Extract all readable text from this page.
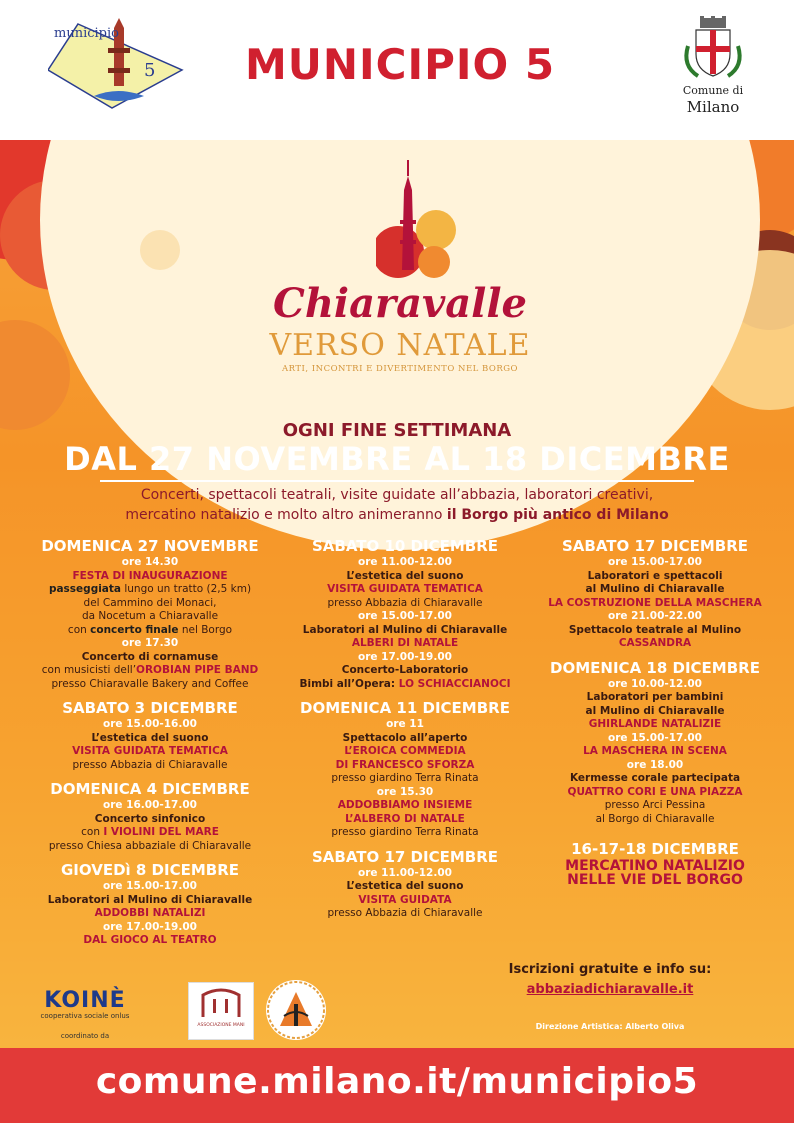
municipio
5	MUNICIPIO 5
Comune di
Milano
Chiaravalle
VERSO NATALE
ARTI, INCONTRI E DIVERTIMENTO NEL BORGO
OGNI FINE SETTIMANA
DAL 27 NOVEMBRE AL 18 DICEMBRE
Concerti, spettacoli teatrali, visite guidate all’abbazia, laboratori creativi,
mercatino natalizio e molto altro animeranno il Borgo più antico di Milano
DOMENICA 27 NOVEMBRE
ore 14.30
FESTA DI INAUGURAZIONE
passeggiata lungo un tratto (2,5 km)
del Cammino dei Monaci,
da Nocetum a Chiaravalle
con concerto finale nel Borgo
ore 17.30
Concerto di cornamuse
con musicisti dell’OROBIAN PIPE BAND
presso Chiaravalle Bakery and Coffee
SABATO 3 DICEMBRE
ore 15.00-16.00
L’estetica del suono
VISITA GUIDATA TEMATICA
presso Abbazia di Chiaravalle
DOMENICA 4 DICEMBRE
ore 16.00-17.00
Concerto sinfonico
con I VIOLINI DEL MARE
presso Chiesa abbaziale di Chiaravalle
GIOVEDì 8 DICEMBRE
ore 15.00-17.00
Laboratori al Mulino di Chiaravalle
ADDOBBI NATALIZI
ore 17.00-19.00
DAL GIOCO AL TEATRO
SABATO 10 DICEMBRE
ore 11.00-12.00
L’estetica del suono
VISITA GUIDATA TEMATICA
presso Abbazia di Chiaravalle
ore 15.00-17.00
Laboratori al Mulino di Chiaravalle
ALBERI DI NATALE
ore 17.00-19.00
Concerto-Laboratorio
Bimbi all’Opera: LO SCHIACCIANOCI
DOMENICA 11 DICEMBRE
ore 11
Spettacolo all’aperto
L’EROICA COMMEDIA
DI FRANCESCO SFORZA
presso giardino Terra Rinata
ore 15.30
ADDOBBIAMO INSIEME
L’ALBERO DI NATALE
presso giardino Terra Rinata
SABATO 17 DICEMBRE
ore 11.00-12.00
L’estetica del suono
VISITA GUIDATA
presso Abbazia di Chiaravalle
SABATO 17 DICEMBRE
ore 15.00-17.00
Laboratori e spettacoli
al Mulino di Chiaravalle
LA COSTRUZIONE DELLA MASCHERA
ore 21.00-22.00
Spettacolo teatrale al Mulino
CASSANDRA
DOMENICA 18 DICEMBRE
ore 10.00-12.00
Laboratori per bambini
al Mulino di Chiaravalle
GHIRLANDE NATALIZIE
ore 15.00-17.00
LA MASCHERA IN SCENA
ore 18.00
Kermesse corale partecipata
QUATTRO CORI E UNA PIAZZA
presso Arci Pessina
al Borgo di Chiaravalle
16-17-18 DICEMBRE
MERCATINO NATALIZIO
NELLE VIE DEL BORGO
Iscrizioni gratuite e info su:
abbaziadichiaravalle.it
Direzione Artistica: Alberto Oliva
KOINÈ
cooperativa sociale onlus
coordinato da
ASSOCIAZIONE MANI
comune.milano.it/municipio5
